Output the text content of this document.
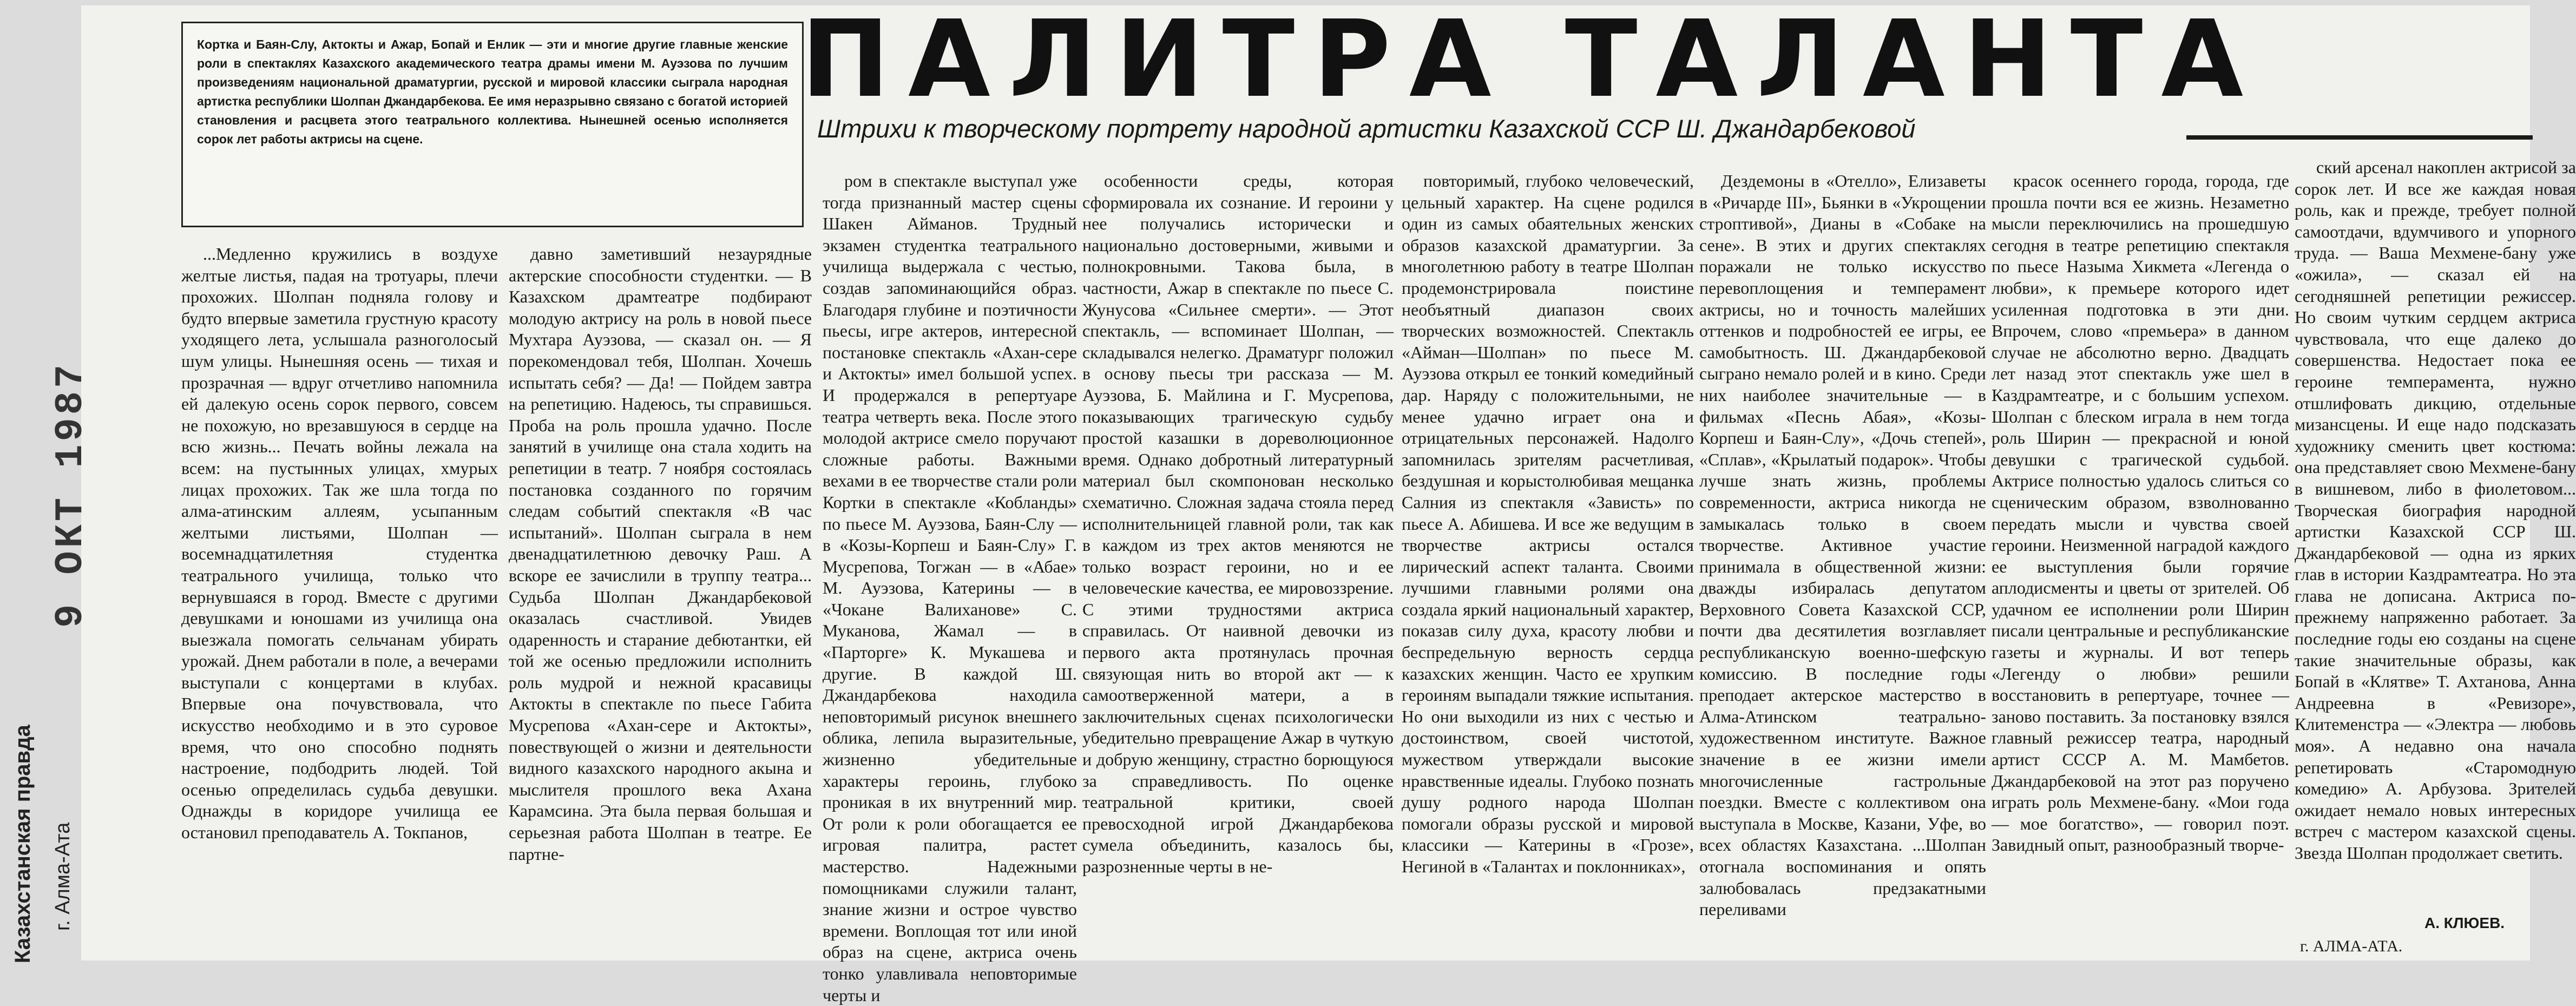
Кортка и Баян-Слу, Актокты и Ажар, Бопай и Енлик — эти и многие другие главные женские роли в спектаклях Казахского академического театра драмы имени М. Ауэзова по лучшим произведениям национальной драматургии, русской и мировой классики сыграла народная артистка республики Шолпан Джандарбекова. Ее имя неразрывно связано с богатой историей становления и расцвета этого театрального коллектива. Нынешней осенью исполняется сорок лет работы актрисы на сцене.
ПАЛИТРА ТАЛАНТА
Штрихи к творческому портрету народной артистки Казахской ССР Ш. Джандарбековой

...Медленно кружились в воздухе желтые листья, падая на тротуары, плечи прохожих. Шолпан подняла голову и будто впервые заметила грустную красоту уходящего лета, услышала разноголосый шум улицы. Нынешняя осень — тихая и прозрачная — вдруг отчетливо напомнила ей далекую осень сорок первого, совсем не похожую, но врезавшуюся в сердце на всю жизнь... Печать войны лежала на всем: на пустынных улицах, хмурых лицах прохожих. Так же шла тогда по алма-атинским аллеям, усыпанным желтыми листьями, Шолпан — восемнадцатилетняя студентка театрального училища, только что вернувшаяся в город. Вместе с другими девушками и юношами из училища она выезжала помогать сельчанам убирать урожай. Днем работали в поле, а вечерами выступали с концертами в клубах. Впервые она почувствовала, что искусство необходимо и в это суровое время, что оно способно поднять настроение, подбодрить людей. Той осенью определилась судьба девушки. Однажды в коридоре училища ее остановил преподаватель А. Токпанов,

давно заметивший незаурядные актерские способности студентки. — В Казахском драмтеатре подбирают молодую актрису на роль в новой пьесе Мухтара Ауэзова, — сказал он. — Я порекомендовал тебя, Шолпан. Хочешь испытать себя? — Да! — Пойдем завтра на репетицию. Надеюсь, ты справишься. Проба на роль прошла удачно. После занятий в училище она стала ходить на репетиции в театр. 7 ноября состоялась постановка созданного по горячим следам событий спектакля «В час испытаний». Шолпан сыграла в нем двенадцатилетнюю девочку Раш. А вскоре ее зачислили в труппу театра... Судьба Шолпан Джандарбековой оказалась счастливой. Увидев одаренность и старание дебютантки, ей той же осенью предложили исполнить роль мудрой и нежной красавицы Актокты в спектакле по пьесе Габита Мусрепова «Ахан-сере и Актокты», повествующей о жизни и деятельности видного казахского народного акына и мыслителя прошлого века Ахана Карамсина. Эта была первая большая и серьезная работа Шолпан в театре. Ее партне-

ром в спектакле выступал уже тогда признанный мастер сцены Шакен Айманов. Трудный экзамен студентка театрального училища выдержала с честью, создав запоминающийся образ. Благодаря глубине и поэтичности пьесы, игре актеров, интересной постановке спектакль «Ахан-сере и Актокты» имел большой успех. И продержался в репертуаре театра четверть века. После этого молодой актрисе смело поручают сложные работы. Важными вехами в ее творчестве стали роли Кортки в спектакле «Кобланды» по пьесе М. Ауэзова, Баян-Слу — в «Козы-Корпеш и Баян-Слу» Г. Мусрепова, Тогжан — в «Абае» М. Ауэзова, Катерины — в «Чокане Валиханове» С. Муканова, Жамал — в «Парторге» К. Мукашева и другие. В каждой Ш. Джандарбекова находила неповторимый рисунок внешнего облика, лепила выразительные, жизненно убедительные характеры героинь, глубоко проникая в их внутренний мир. От роли к роли обогащается ее игровая палитра, растет мастерство. Надежными помощниками служили талант, знание жизни и острое чувство времени. Воплощая тот или иной образ на сцене, актриса очень тонко улавливала неповторимые черты и

особенности среды, которая сформировала их сознание. И героини у нее получались исторически и национально достоверными, живыми и полнокровными. Такова была, в частности, Ажар в спектакле по пьесе С. Жунусова «Сильнее смерти». — Этот спектакль, — вспоминает Шолпан, — складывался нелегко. Драматург положил в основу пьесы три рассказа — М. Ауэзова, Б. Майлина и Г. Мусрепова, показывающих трагическую судьбу простой казашки в дореволюционное время. Однако добротный литературный материал был скомпонован несколько схематично. Сложная задача стояла перед исполнительницей главной роли, так как в каждом из трех актов меняются не только возраст героини, но и ее человеческие качества, ее мировоззрение. С этими трудностями актриса справилась. От наивной девочки из первого акта протянулась прочная связующая нить во второй акт — к самоотверженной матери, а в заключительных сценах психологически убедительно превращение Ажар в чуткую и добрую женщину, страстно борющуюся за справедливость. По оценке театральной критики, своей превосходной игрой Джандарбекова сумела объединить, казалось бы, разрозненные черты в не-

повторимый, глубоко человеческий, цельный характер. На сцене родился один из самых обаятельных женских образов казахской драматургии. За многолетнюю работу в театре Шолпан продемонстрировала поистине необъятный диапазон своих творческих возможностей. Спектакль «Айман—Шолпан» по пьесе М. Ауэзова открыл ее тонкий комедийный дар. Наряду с положительными, не менее удачно играет она и отрицательных персонажей. Надолго запомнилась зрителям расчетливая, бездушная и корыстолюбивая мещанка Салния из спектакля «Зависть» по пьесе А. Абишева. И все же ведущим в творчестве актрисы остался лирический аспект таланта. Своими лучшими главными ролями она создала яркий национальный характер, показав силу духа, красоту любви и беспредельную верность сердца казахских женщин. Часто ее хрупким героиням выпадали тяжкие испытания. Но они выходили из них с честью и достоинством, своей чистотой, мужеством утверждали высокие нравственные идеалы. Глубоко познать душу родного народа Шолпан помогали образы русской и мировой классики — Катерины в «Грозе», Негиной в «Талантах и поклонниках»,

Дездемоны в «Отелло», Елизаветы в «Ричарде III», Бьянки в «Укрощении строптивой», Дианы в «Собаке на сене». В этих и других спектаклях поражали не только искусство перевоплощения и темперамент актрисы, но и точность малейших оттенков и подробностей ее игры, ее самобытность. Ш. Джандарбековой сыграно немало ролей и в кино. Среди них наиболее значительные — в фильмах «Песнь Абая», «Козы-Корпеш и Баян-Слу», «Дочь степей», «Сплав», «Крылатый подарок». Чтобы лучше знать жизнь, проблемы современности, актриса никогда не замыкалась только в своем творчестве. Активное участие принимала в общественной жизни: дважды избиралась депутатом Верховного Совета Казахской ССР, почти два десятилетия возглавляет республиканскую военно-шефскую комиссию. В последние годы преподает актерское мастерство в Алма-Атинском театрально-художественном институте. Важное значение в ее жизни имели многочисленные гастрольные поездки. Вместе с коллективом она выступала в Москве, Казани, Уфе, во всех областях Казахстана. ...Шолпан отогнала воспоминания и опять залюбовалась предзакатными переливами

красок осеннего города, города, где прошла почти вся ее жизнь. Незаметно мысли переключились на прошедшую сегодня в театре репетицию спектакля по пьесе Назыма Хикмета «Легенда о любви», к премьере которого идет усиленная подготовка в эти дни. Впрочем, слово «премьера» в данном случае не абсолютно верно. Двадцать лет назад этот спектакль уже шел в Каздрамтеатре, и с большим успехом. Шолпан с блеском играла в нем тогда роль Ширин — прекрасной и юной девушки с трагической судьбой. Актрисе полностью удалось слиться со сценическим образом, взволнованно передать мысли и чувства своей героини. Неизменной наградой каждого ее выступления были горячие аплодисменты и цветы от зрителей. Об удачном ее исполнении роли Ширин писали центральные и республиканские газеты и журналы. И вот теперь «Легенду о любви» решили восстановить в репертуаре, точнее — заново поставить. За постановку взялся главный режиссер театра, народный артист СССР А. М. Мамбетов. Джандарбековой на этот раз поручено играть роль Мехмене-бану. «Мои года — мое богатство», — говорил поэт. Завидный опыт, разнообразный творче-

ский арсенал накоплен актрисой за сорок лет. И все же каждая новая роль, как и прежде, требует полной самоотдачи, вдумчивого и упорного труда. — Ваша Мехмене-бану уже «ожила», — сказал ей на сегодняшней репетиции режиссер. Но своим чутким сердцем актриса чувствовала, что еще далеко до совершенства. Недостает пока ее героине темперамента, нужно отшлифовать дикцию, отдельные мизансцены. И еще надо подсказать художнику сменить цвет костюма: она представляет свою Мехмене-бану в вишневом, либо в фиолетовом... Творческая биография народной артистки Казахской ССР Ш. Джандарбековой — одна из ярких глав в истории Каздрамтеатра. Но эта глава не дописана. Актриса по-прежнему напряженно работает. За последние годы ею созданы на сцене такие значительные образы, как Бопай в «Клятве» Т. Ахтанова, Анна Андреевна в «Ревизоре», Клитеменстра — «Электра — любовь моя». А недавно она начала репетировать «Старомодную комедию» А. Арбузова. Зрителей ожидает немало новых интересных встреч с мастером казахской сцены. Звезда Шолпан продолжает светить.

А. КЛЮЕВ.
г. АЛМА-АТА.
Казахстанская правда г. Алма-Ата
9 ОКТ 1987
